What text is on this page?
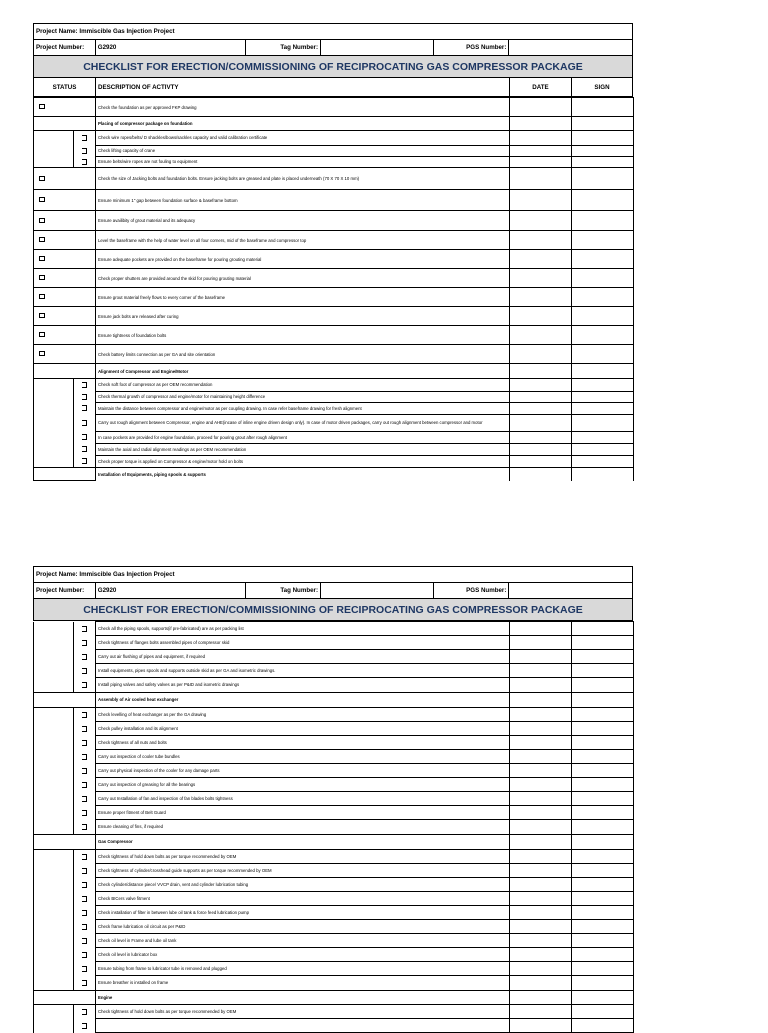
Project Name:
Immiscible Gas Injection Project
Project Number:	G2920	Tag Number:	PGS Number:
CHECKLIST FOR ERECTION/COMMISSIONING OF RECIPROCATING GAS COMPRESSOR PACKAGE
STATUS	DESCRIPTION OF ACTIVTY	DATE	SIGN
	Check the foundation as per approved FKP drawing		
	Placing of compressor package on foundation		

	Check wire ropes/belts/ D shackles/bows/sackles capacity and valid calibration certificate		

	Check lifting capacity of crane		

	Ensure belts/wire ropes are not fouling to equipment		
	Check the size of Jacking bolts and foundation bolts. Ensure jacking bolts are greased and plate is placed underneath (70 X 70 X 10 mm)		
	Ensure minimum 1" gap between foundation surface & baseframe bottom		
	Ensure availibity of grout material and its adequacy		
	Level the baseframe with the help of water level on all four corners, mid of the baseframe and compressor top		
	Ensure adequate pockets are provided on the baseframe for pouring grouting material		
	Check proper shutters are provided around the skid for pouring grouting material		
	Ensure grout material freely flows to every corner of the baseframe		
	Ensure jack bolts are released after curing		
	Ensure tightness of foundation bolts		
	Check battery limits connection as per GA and site orientation		
	Alignment of Compressor and Engine/Motor		

	Check soft foot of compressor as per OEM recommendation		

	Check thermal growth of compressor and engine/motor for maintaining height difference		

	Maintain the distance between compressor and engine/motor as per coupling drawing. In case refer baseframe drawing for fresh alignment		

	Carry out rough alignment between Compressor, engine and AHE(incase of inline engine driven design only). In case of motor driven packages, carry out rough alignment between compressor and motor		

	In case pockets are provided for engine foundation, proceed for pouring grout after rough alignment		

	Maintain the axial and radial alignment readings as per OEM recommendation		

	Check proper torque is applied on Compressor & engine/motor hold on bolts		
	Installation of Equipments, piping spools & supports		
Project Name:
Immiscible Gas Injection Project
Project Number:	G2920	Tag Number:	PGS Number:
CHECKLIST FOR ERECTION/COMMISSIONING OF RECIPROCATING GAS COMPRESSOR PACKAGE
	Check all the piping spools, supports(if pre-fabricated) are as per packing list		

	Check tightness of flanges bolts assembled pipes of compressor skid		

	Carry out air flushing of pipes and equipment, if required		

	Install equipments, pipes spools and supports outside skid as per GA and isometric drawings.		

	Install piping valves and safety valves as per P&ID and isometric drawings		
	Assembly of Air cooled heat exchanger		

	Check levelling of heat exchanger as per the GA drawing		

	Check pulley installation and its alignment		

	Check tightness of all nuts and bolts		

	Carry out inspection of cooler tube bundles		

	Carry out physical inspection of the cooler for any damage parts		

	Carry out inspection of greasing for all the bearings		

	Carry out Installation of fan and inspection of fan blades bolts tightness		

	Ensure proper fitment of Belt Guard		

	Ensure cleaning of fins, if required		
	Gas Compressor		

	Check tightness of hold down bolts as per torque recommended by OEM		

	Check tightness of cylinder/crosshead guide supports as per torque recommended by OEM		

	Check cylinder/distance piece/ VVCP drain, vent and cylinder lubrication tubing		

	Check BICers valve fitment		

	Check installation of filter in between lube oil tank & force feed lubrication pump		

	Check frame lubrication oil circuit as per P&ID		

	Check oil level in Frame and lube oil tank		

	Check oil level in lubricator box		

	Ensure tubing from frame to lubricator tube is removed and plugged		

	Ensure breather is installed on frame		
	Engine		

	Check tightness of hold down bolts as per torque recommended by OEM		
